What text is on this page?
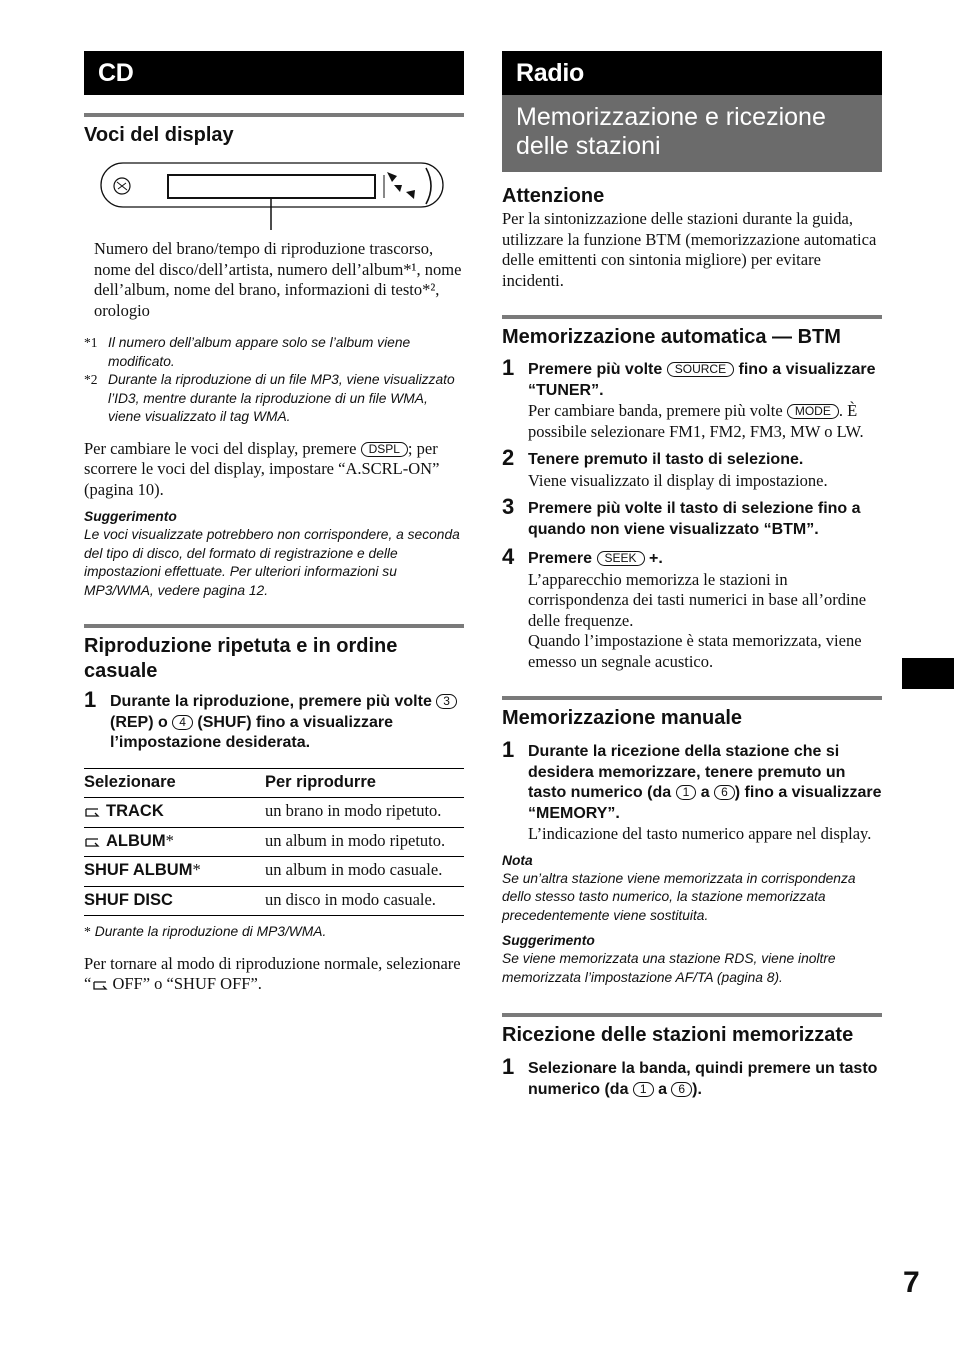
CD
Voci del display
Numero del brano/tempo di riproduzione trascorso, nome del disco/dell’artista, numero dell’album*¹, nome dell’album, nome del brano, informazioni di testo*², orologio
*1 Il numero dell’album appare solo se l’album viene modificato.
*2 Durante la riproduzione di un file MP3, viene visualizzato l’ID3, mentre durante la riproduzione di un file WMA, viene visualizzato il tag WMA.
Per cambiare le voci del display, premere DSPL ; per scorrere le voci del display, impostare “A.SCRL-ON” (pagina 10).
Suggerimento
Le voci visualizzate potrebbero non corrispondere, a seconda del tipo di disco, del formato di registrazione e delle impostazioni effettuate. Per ulteriori informazioni su MP3/WMA, vedere pagina 12.
Riproduzione ripetuta e in ordine casuale
1 Durante la riproduzione, premere più volte 3 (REP) o 4 (SHUF) fino a visualizzare l’impostazione desiderata.
Selezionare	Per riprodurre
TRACK	un brano in modo ripetuto.
ALBUM*	un album in modo ripetuto.
SHUF ALBUM*	un album in modo casuale.
SHUF DISC	un disco in modo casuale.
* Durante la riproduzione di MP3/WMA.
Per tornare al modo di riproduzione normale, selezionare “ OFF” o “SHUF OFF”.
Radio
Memorizzazione e ricezione delle stazioni
Attenzione
Per la sintonizzazione delle stazioni durante la guida, utilizzare la funzione BTM (memorizzazione automatica delle emittenti con sintonia migliore) per evitare incidenti.
Memorizzazione automatica — BTM
1 Premere più volte SOURCE fino a visualizzare “TUNER”.
Per cambiare banda, premere più volte MODE . È possibile selezionare FM1, FM2, FM3, MW o LW.
2 Tenere premuto il tasto di selezione.
Viene visualizzato il display di impostazione.
3 Premere più volte il tasto di selezione fino a quando non viene visualizzato “BTM”.
4 Premere SEEK +.
L’apparecchio memorizza le stazioni in corrispondenza dei tasti numerici in base all’ordine delle frequenze.
Quando l’impostazione è stata memorizzata, viene emesso un segnale acustico.
Memorizzazione manuale
1 Durante la ricezione della stazione che si desidera memorizzare, tenere premuto un tasto numerico (da 1 a 6 ) fino a visualizzare “MEMORY”.
L’indicazione del tasto numerico appare nel display.
Nota
Se un’altra stazione viene memorizzata in corrispondenza dello stesso tasto numerico, la stazione memorizzata precedentemente viene sostituita.
Suggerimento
Se viene memorizzata una stazione RDS, viene inoltre memorizzata l’impostazione AF/TA (pagina 8).
Ricezione delle stazioni memorizzate
1 Selezionare la banda, quindi premere un tasto numerico (da 1 a 6 ).
7
